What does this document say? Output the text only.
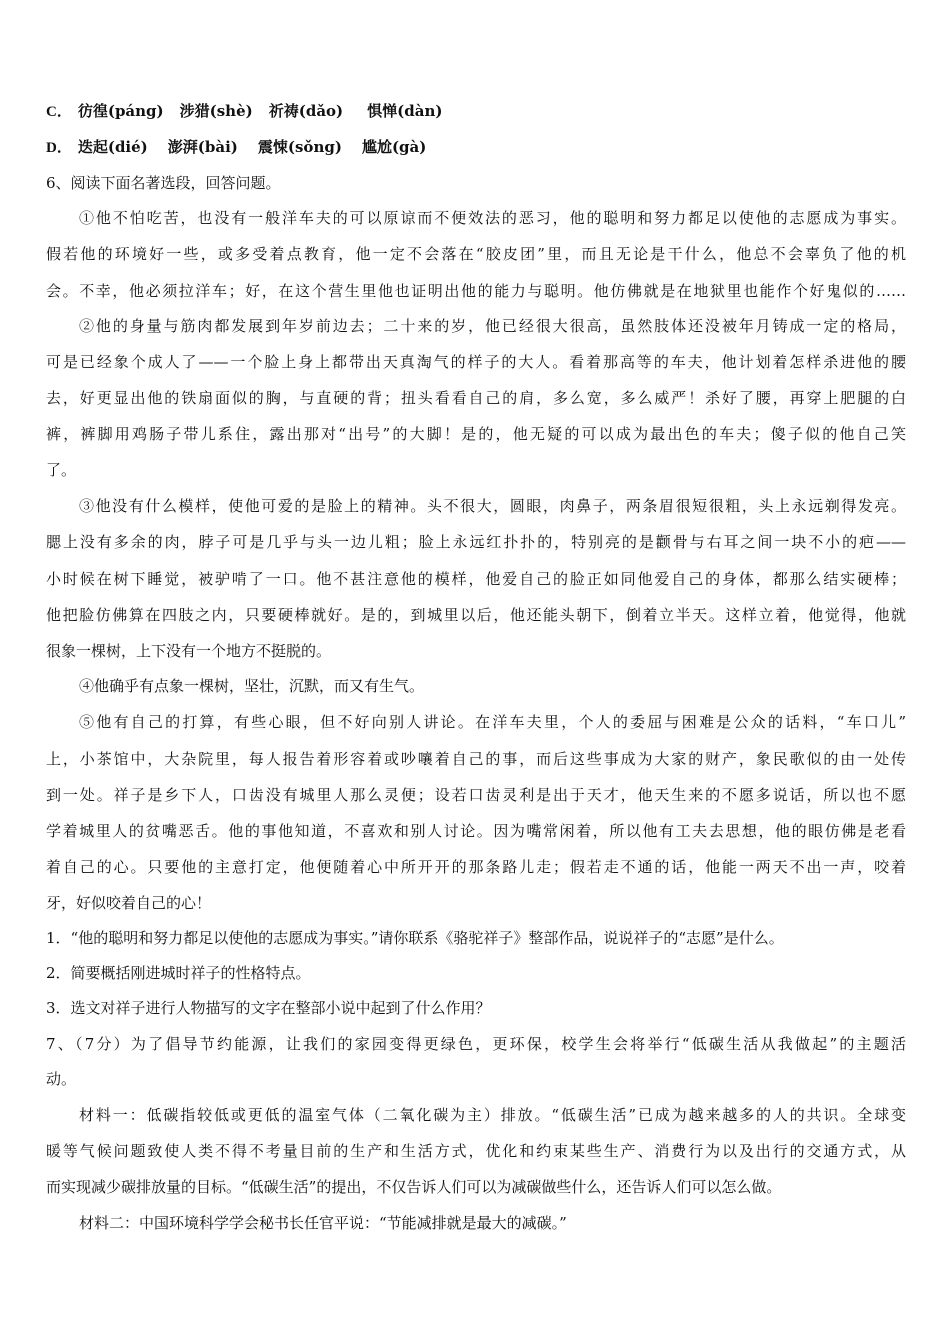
C． 彷徨(páng) 涉猎(shè) 祈祷(dǎo) 惧惮(dàn)
D． 迭起(dié) 澎湃(bài) 震悚(sǒng) 尴尬(gà)
6、阅读下面名著选段，回答问题。
①他不怕吃苦，也没有一般洋车夫的可以原谅而不便效法的恶习，他的聪明和努力都足以使他的志愿成为事实。
假若他的环境好一些，或多受着点教育，他一定不会落在“胶皮团”里，而且无论是干什么，他总不会辜负了他的机
会。不幸，他必须拉洋车；好，在这个营生里他也证明出他的能力与聪明。他仿佛就是在地狱里也能作个好鬼似的……
②他的身量与筋肉都发展到年岁前边去；二十来的岁，他已经很大很高，虽然肢体还没被年月铸成一定的格局，
可是已经象个成人了——一个脸上身上都带出天真淘气的样子的大人。看着那高等的车夫，他计划着怎样杀进他的腰
去，好更显出他的铁扇面似的胸，与直硬的背；扭头看看自己的肩，多么宽，多么威严！杀好了腰，再穿上肥腿的白
裤，裤脚用鸡肠子带儿系住，露出那对“出号”的大脚！是的，他无疑的可以成为最出色的车夫；傻子似的他自己笑
了。
③他没有什么模样，使他可爱的是脸上的精神。头不很大，圆眼，肉鼻子，两条眉很短很粗，头上永远剃得发亮。
腮上没有多余的肉，脖子可是几乎与头一边儿粗；脸上永远红扑扑的，特别亮的是颧骨与右耳之间一块不小的疤——
小时候在树下睡觉，被驴啃了一口。他不甚注意他的模样，他爱自己的脸正如同他爱自己的身体，都那么结实硬棒；
他把脸仿佛算在四肢之内，只要硬棒就好。是的，到城里以后，他还能头朝下，倒着立半天。这样立着，他觉得，他就
很象一棵树，上下没有一个地方不挺脱的。
④他确乎有点象一棵树，坚壮，沉默，而又有生气。
⑤他有自己的打算，有些心眼，但不好向别人讲论。在洋车夫里，个人的委屈与困难是公众的话料，“车口儿”
上，小茶馆中，大杂院里，每人报告着形容着或吵嚷着自己的事，而后这些事成为大家的财产，象民歌似的由一处传
到一处。祥子是乡下人，口齿没有城里人那么灵便；设若口齿灵利是出于天才，他天生来的不愿多说话，所以也不愿
学着城里人的贫嘴恶舌。他的事他知道，不喜欢和别人讨论。因为嘴常闲着，所以他有工夫去思想，他的眼仿佛是老看
着自己的心。只要他的主意打定，他便随着心中所开开的那条路儿走；假若走不通的话，他能一两天不出一声，咬着
牙，好似咬着自己的心！
1．“他的聪明和努力都足以使他的志愿成为事实。”请你联系《骆驼祥子》整部作品，说说祥子的“志愿”是什么。
2．简要概括刚进城时祥子的性格特点。
3．选文对祥子进行人物描写的文字在整部小说中起到了什么作用？
7、（7分）为了倡导节约能源，让我们的家园变得更绿色，更环保，校学生会将举行“低碳生活从我做起”的主题活
动。
材料一：低碳指较低或更低的温室气体（二氧化碳为主）排放。“低碳生活”已成为越来越多的人的共识。全球变
暖等气候问题致使人类不得不考量目前的生产和生活方式，优化和约束某些生产、消费行为以及出行的交通方式，从
而实现减少碳排放量的目标。“低碳生活”的提出，不仅告诉人们可以为减碳做些什么，还告诉人们可以怎么做。
材料二：中国环境科学学会秘书长任官平说：“节能减排就是最大的减碳。”
